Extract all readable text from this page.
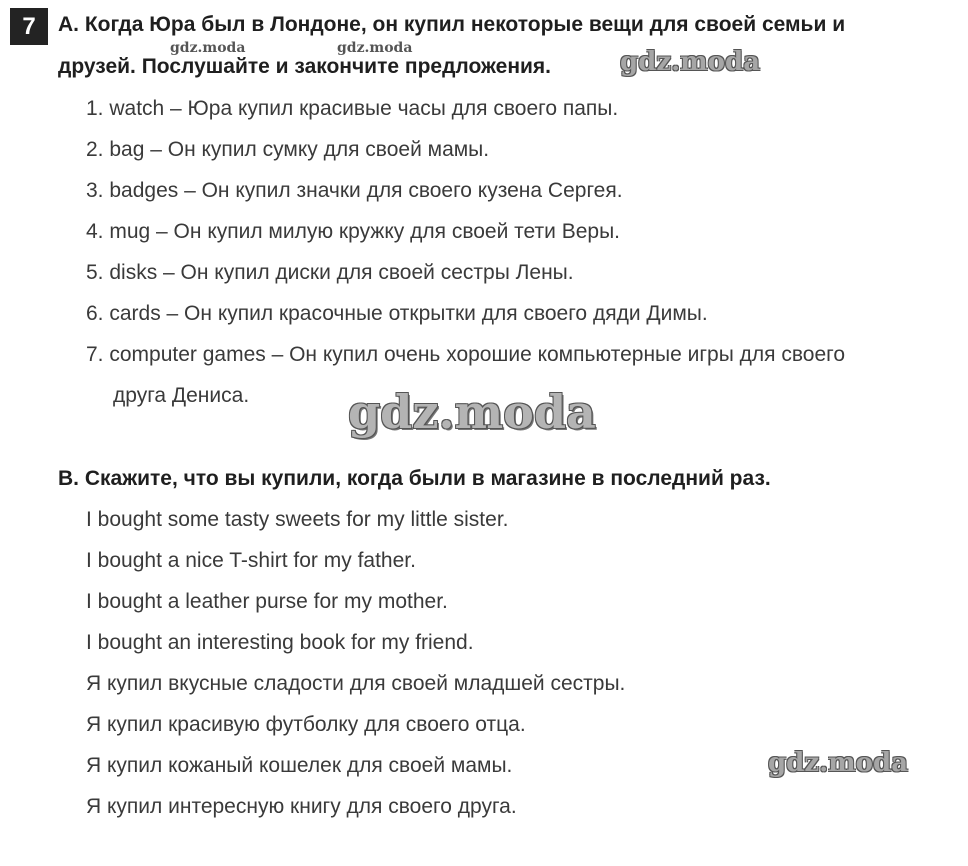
7	A. Когда Юра был в Лондоне, он купил некоторые вещи для своей семьи и
друзей. Послушайте и закончите предложения.
gdz.moda	gdz.moda	gdz.moda
1. watch – Юра купил красивые часы для своего папы.
2. bag – Он купил сумку для своей мамы.
3. badges – Он купил значки для своего кузена Сергея.
4. mug – Он купил милую кружку для своей тети Веры.
5. disks – Он купил диски для своей сестры Лены.
6. cards – Он купил красочные открытки для своего дяди Димы.
7. computer games – Он купил очень хорошие компьютерные игры для своего
друга Дениса. gdz.moda
B. Скажите, что вы купили, когда были в магазине в последний раз.
I bought some tasty sweets for my little sister.
I bought a nice T-shirt for my father.
I bought a leather purse for my mother.
I bought an interesting book for my friend.
Я купил вкусные сладости для своей младшей сестры.
Я купил красивую футболку для своего отца.
Я купил кожаный кошелек для своей мамы.
Я купил интересную книгу для своего друга.
gdz.moda
